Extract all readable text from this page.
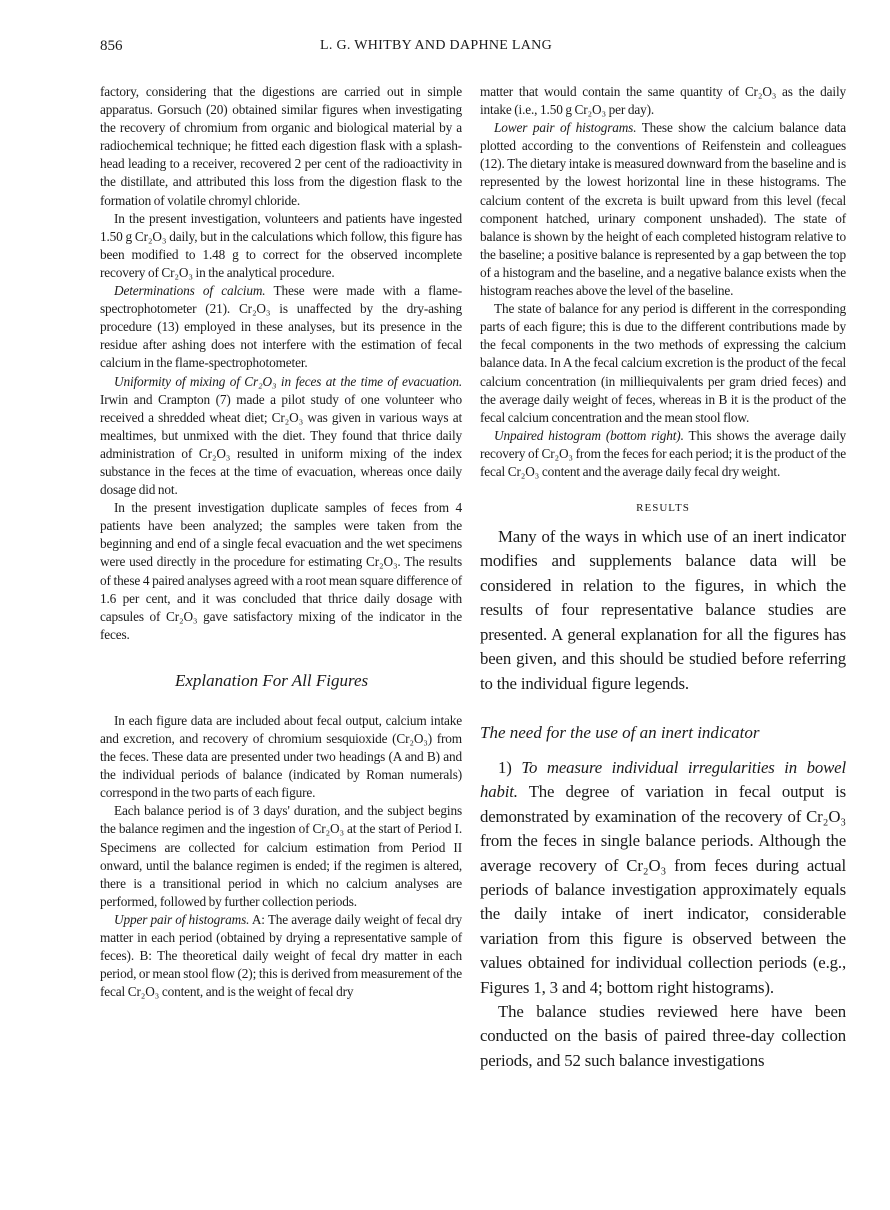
856	L. G. WHITBY AND DAPHNE LANG

factory, considering that the digestions are carried out in simple apparatus. Gorsuch (20) obtained similar figures when investigating the recovery of chromium from organic and biological material by a radiochemical technique; he fitted each digestion flask with a splash-head leading to a receiver, recovered 2 per cent of the radioactivity in the distillate, and attributed this loss from the digestion flask to the formation of volatile chromyl chloride.

In the present investigation, volunteers and patients have ingested 1.50 g Cr₂O₃ daily, but in the calculations which follow, this figure has been modified to 1.48 g to correct for the observed incomplete recovery of Cr₂O₃ in the analytical procedure.

Determinations of calcium. These were made with a flame-spectrophotometer (21). Cr₂O₃ is unaffected by the dry-ashing procedure (13) employed in these analyses, but its presence in the residue after ashing does not interfere with the estimation of fecal calcium in the flame-spectrophotometer.

Uniformity of mixing of Cr₂O₃ in feces at the time of evacuation. Irwin and Crampton (7) made a pilot study of one volunteer who received a shredded wheat diet; Cr₂O₃ was given in various ways at mealtimes, but unmixed with the diet. They found that thrice daily administration of Cr₂O₃ resulted in uniform mixing of the index substance in the feces at the time of evacuation, whereas once daily dosage did not.

In the present investigation duplicate samples of feces from 4 patients have been analyzed; the samples were taken from the beginning and end of a single fecal evacuation and the wet specimens were used directly in the procedure for estimating Cr₂O₃. The results of these 4 paired analyses agreed with a root mean square difference of 1.6 per cent, and it was concluded that thrice daily dosage with capsules of Cr₂O₃ gave satisfactory mixing of the indicator in the feces.

Explanation For All Figures

In each figure data are included about fecal output, calcium intake and excretion, and recovery of chromium sesquioxide (Cr₂O₃) from the feces. These data are presented under two headings (A and B) and the individual periods of balance (indicated by Roman numerals) correspond in the two parts of each figure.

Each balance period is of 3 days' duration, and the subject begins the balance regimen and the ingestion of Cr₂O₃ at the start of Period I. Specimens are collected for calcium estimation from Period II onward, until the balance regimen is ended; if the regimen is altered, there is a transitional period in which no calcium analyses are performed, followed by further collection periods.

Upper pair of histograms. A: The average daily weight of fecal dry matter in each period (obtained by drying a representative sample of feces). B: The theoretical daily weight of fecal dry matter in each period, or mean stool flow (2); this is derived from measurement of the fecal Cr₂O₃ content, and is the weight of fecal dry

matter that would contain the same quantity of Cr₂O₃ as the daily intake (i.e., 1.50 g Cr₂O₃ per day).

Lower pair of histograms. These show the calcium balance data plotted according to the conventions of Reifenstein and colleagues (12). The dietary intake is measured downward from the baseline and is represented by the lowest horizontal line in these histograms. The calcium content of the excreta is built upward from this level (fecal component hatched, urinary component unshaded). The state of balance is shown by the height of each completed histogram relative to the baseline; a positive balance is represented by a gap between the top of a histogram and the baseline, and a negative balance exists when the histogram reaches above the level of the baseline.

The state of balance for any period is different in the corresponding parts of each figure; this is due to the different contributions made by the fecal components in the two methods of expressing the calcium balance data. In A the fecal calcium excretion is the product of the fecal calcium concentration (in milliequivalents per gram dried feces) and the average daily weight of feces, whereas in B it is the product of the fecal calcium concentration and the mean stool flow.

Unpaired histogram (bottom right). This shows the average daily recovery of Cr₂O₃ from the feces for each period; it is the product of the fecal Cr₂O₃ content and the average daily fecal dry weight.

RESULTS

Many of the ways in which use of an inert indicator modifies and supplements balance data will be considered in relation to the figures, in which the results of four representative balance studies are presented. A general explanation for all the figures has been given, and this should be studied before referring to the individual figure legends.

The need for the use of an inert indicator

1) To measure individual irregularities in bowel habit. The degree of variation in fecal output is demonstrated by examination of the recovery of Cr₂O₃ from the feces in single balance periods. Although the average recovery of Cr₂O₃ from feces during actual periods of balance investigation approximately equals the daily intake of inert indicator, considerable variation from this figure is observed between the values obtained for individual collection periods (e.g., Figures 1, 3 and 4; bottom right histograms).

The balance studies reviewed here have been conducted on the basis of paired three-day collection periods, and 52 such balance investigations
